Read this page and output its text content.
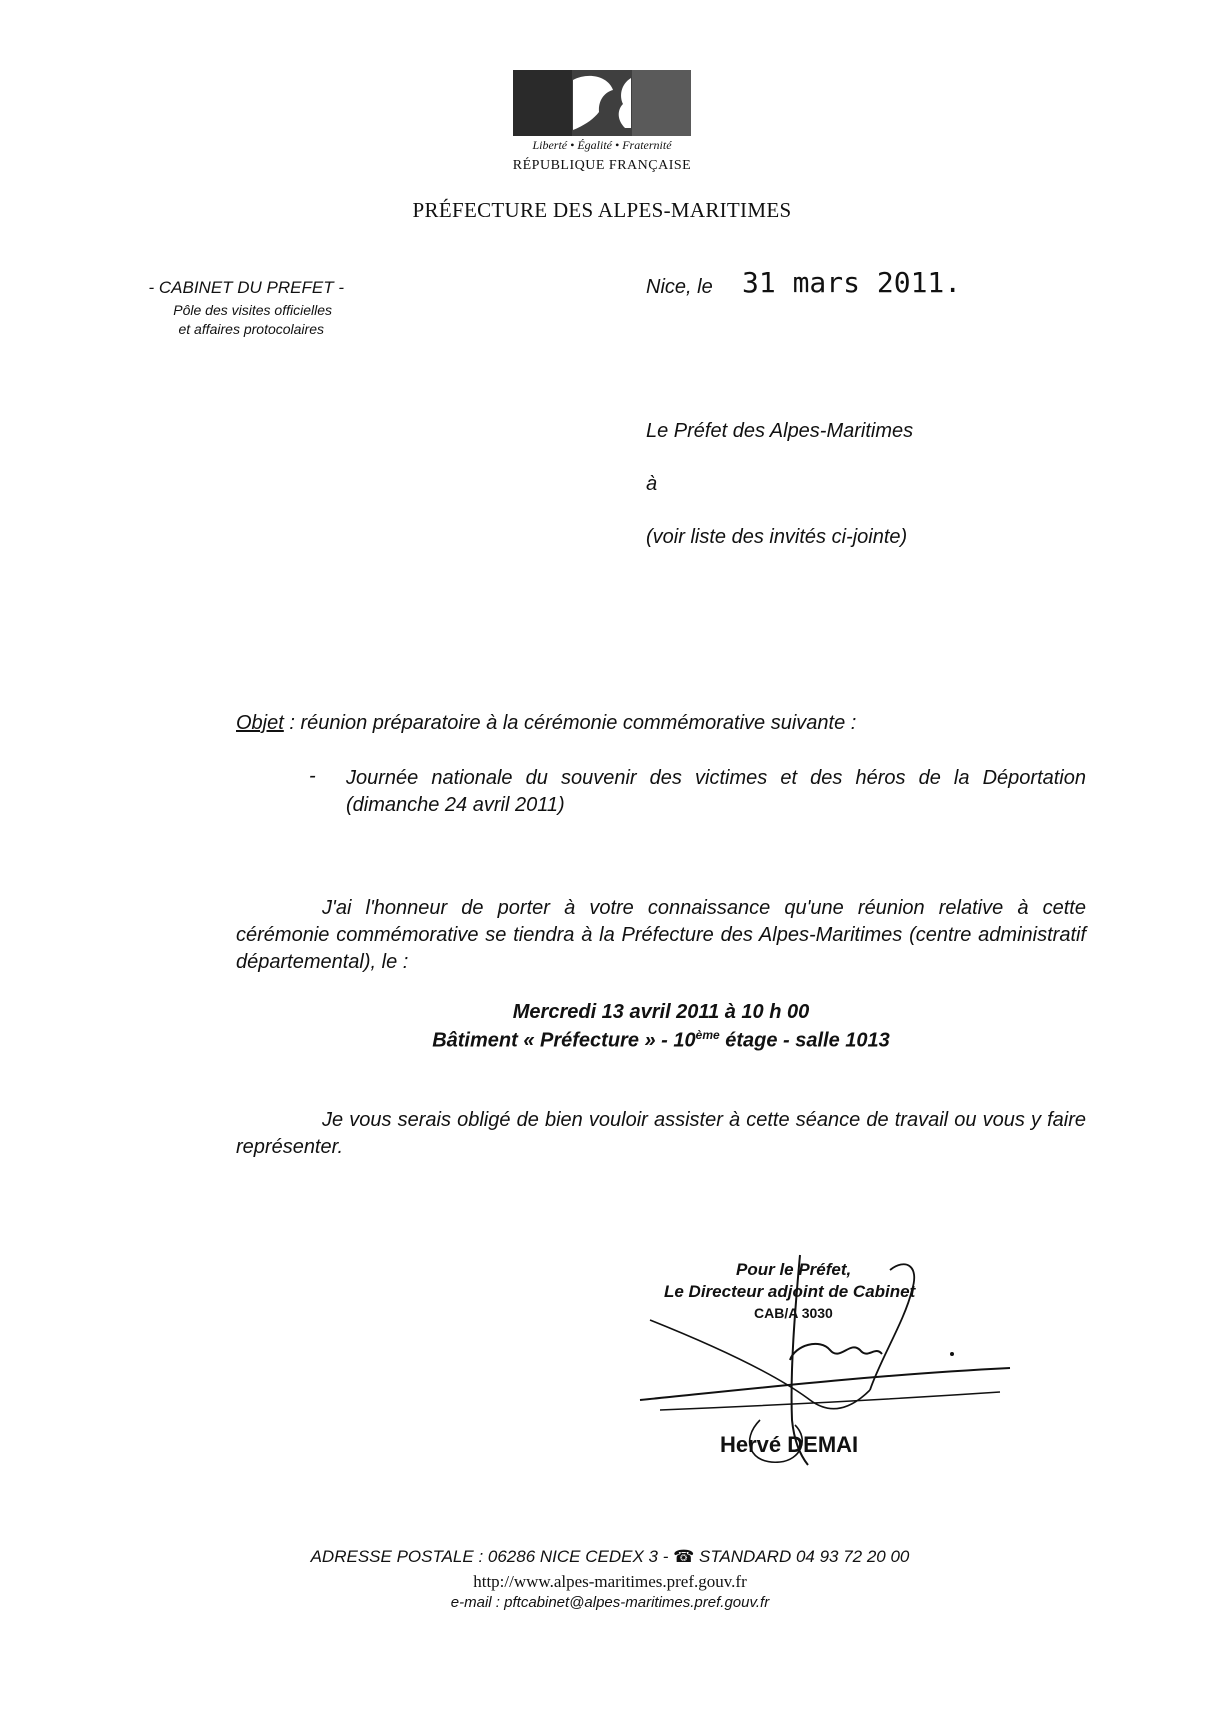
Liberté • Égalité • Fraternité
RÉPUBLIQUE FRANÇAISE
PRÉFECTURE DES ALPES-MARITIMES
- CABINET DU PREFET -
Pôle des visites officielles
et affaires protocolaires
Nice, le 31 mars 2011.
Le Préfet des Alpes-Maritimes
à
(voir liste des invités ci-jointe)
Objet : réunion préparatoire à la cérémonie commémorative suivante :
- Journée nationale du souvenir des victimes et des héros de la Déportation (dimanche 24 avril 2011)
J'ai l'honneur de porter à votre connaissance qu'une réunion relative à cette cérémonie commémorative se tiendra à la Préfecture des Alpes-Maritimes (centre administratif départemental), le :
Mercredi 13 avril 2011 à 10 h 00
Bâtiment « Préfecture » - 10ème étage - salle 1013
Je vous serais obligé de bien vouloir assister à cette séance de travail ou vous y faire représenter.
Pour le Préfet,
Le Directeur adjoint de Cabinet
CAB/A 3030
Hervé DEMAI
ADRESSE POSTALE : 06286 NICE CEDEX 3 - ☎ STANDARD 04 93 72 20 00
http://www.alpes-maritimes.pref.gouv.fr
e-mail : pftcabinet@alpes-maritimes.pref.gouv.fr
